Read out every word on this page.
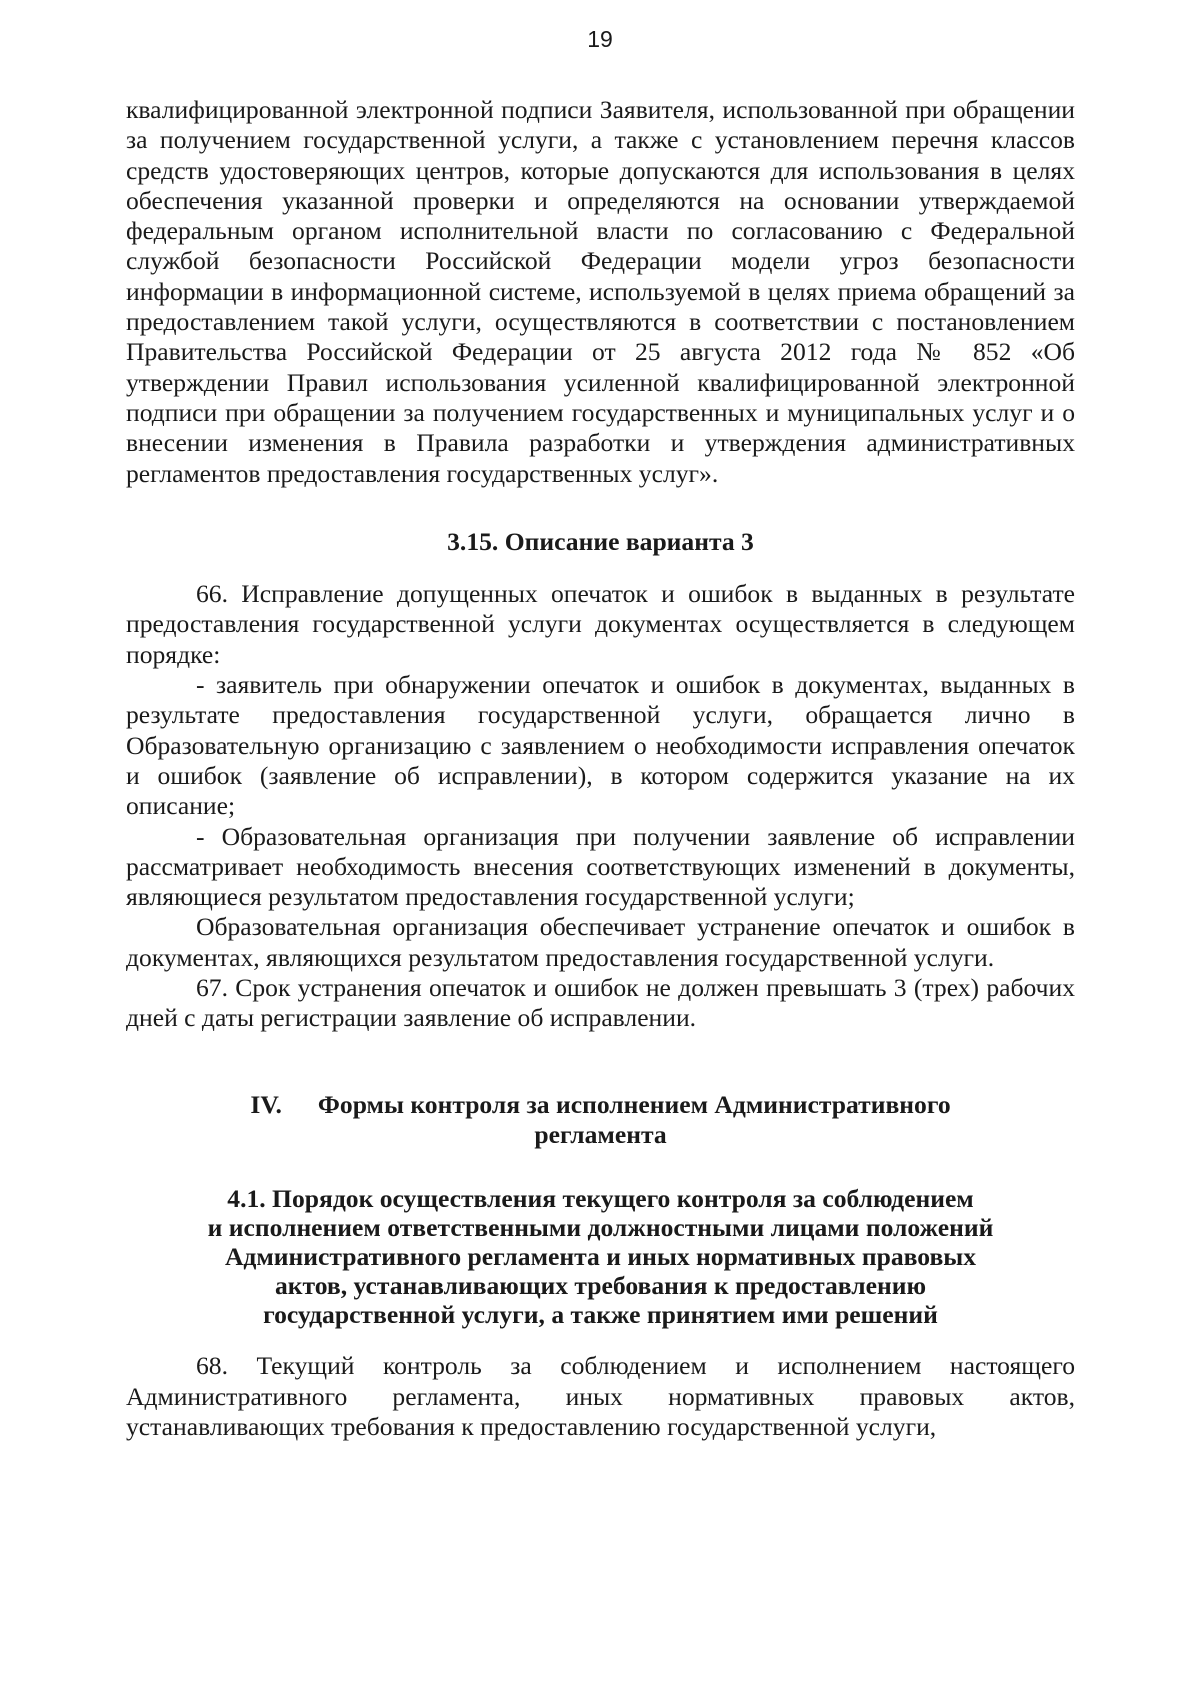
19

квалифицированной электронной подписи Заявителя, использованной при обращении за получением государственной услуги, а также с установлением перечня классов средств удостоверяющих центров, которые допускаются для использования в целях обеспечения указанной проверки и определяются на основании утверждаемой федеральным органом исполнительной власти по согласованию с Федеральной службой безопасности Российской Федерации модели угроз безопасности информации в информационной системе, используемой в целях приема обращений за предоставлением такой услуги, осуществляются в соответствии с постановлением Правительства Российской Федерации от 25 августа 2012 года № 852 «Об утверждении Правил использования усиленной квалифицированной электронной подписи при обращении за получением государственных и муниципальных услуг и о внесении изменения в Правила разработки и утверждения административных регламентов предоставления государственных услуг».

3.15. Описание варианта 3

66. Исправление допущенных опечаток и ошибок в выданных в результате предоставления государственной услуги документах осуществляется в следующем порядке:

- заявитель при обнаружении опечаток и ошибок в документах, выданных в результате предоставления государственной услуги, обращается лично в Образовательную организацию с заявлением о необходимости исправления опечаток и ошибок (заявление об исправлении), в котором содержится указание на их описание;

- Образовательная организация при получении заявление об исправлении рассматривает необходимость внесения соответствующих изменений в документы, являющиеся результатом предоставления государственной услуги;

Образовательная организация обеспечивает устранение опечаток и ошибок в документах, являющихся результатом предоставления государственной услуги.

67. Срок устранения опечаток и ошибок не должен превышать 3 (трех) рабочих дней с даты регистрации заявление об исправлении.

IV. Формы контроля за исполнением Административного
регламента

4.1. Порядок осуществления текущего контроля за соблюдением
и исполнением ответственными должностными лицами положений
Административного регламента и иных нормативных правовых
актов, устанавливающих требования к предоставлению
государственной услуги, а также принятием ими решений

68. Текущий контроль за соблюдением и исполнением настоящего Административного регламента, иных нормативных правовых актов, устанавливающих требования к предоставлению государственной услуги,
